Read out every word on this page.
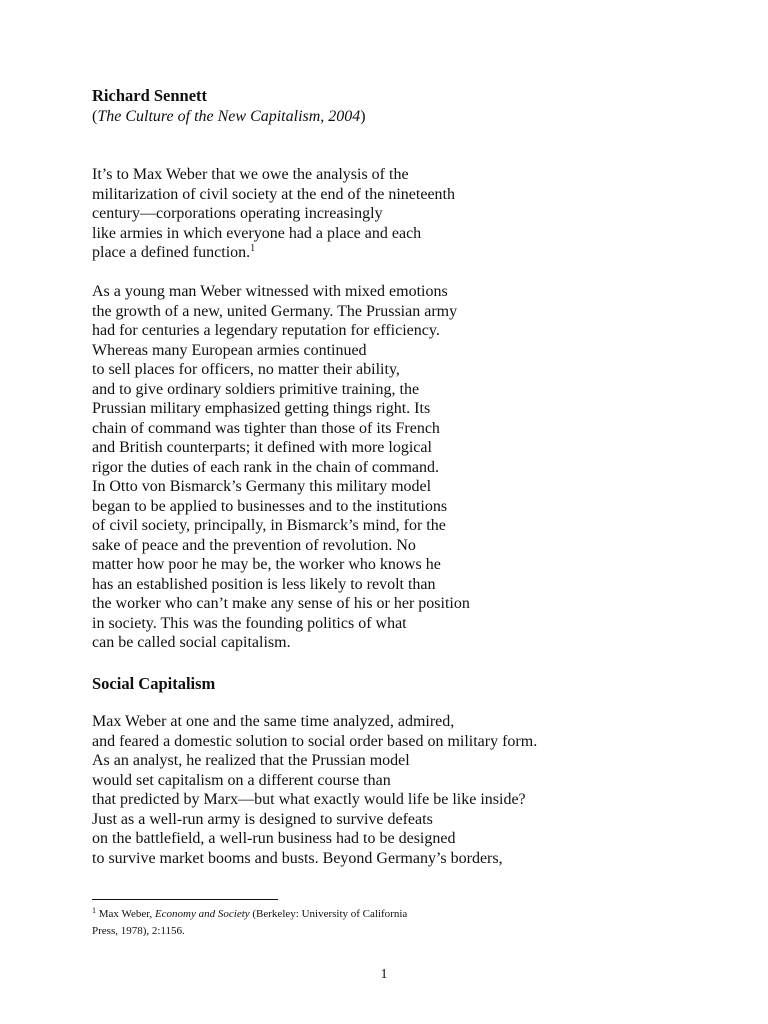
Richard Sennett

(The Culture of the New Capitalism, 2004)

It’s to Max Weber that we owe the analysis of the
militarization of civil society at the end of the nineteenth
century—corporations operating increasingly
like armies in which everyone had a place and each
place a defined function.$^1$
As a young man Weber witnessed with mixed emotions
the growth of a new, united Germany. The Prussian army
had for centuries a legendary reputation for efficiency.
Whereas many European armies continued
to sell places for officers, no matter their ability,
and to give ordinary soldiers primitive training, the
Prussian military emphasized getting things right. Its
chain of command was tighter than those of its French
and British counterparts; it defined with more logical
rigor the duties of each rank in the chain of command.
In Otto von Bismarck’s Germany this military model
began to be applied to businesses and to the institutions
of civil society, principally, in Bismarck’s mind, for the
sake of peace and the prevention of revolution. No
matter how poor he may be, the worker who knows he
has an established position is less likely to revolt than
the worker who can’t make any sense of his or her position
in society. This was the founding politics of what
can be called social capitalism.
Social Capitalism
Max Weber at one and the same time analyzed, admired,
and feared a domestic solution to social order based on military form.
As an analyst, he realized that the Prussian model
would set capitalism on a different course than
that predicted by Marx—but what exactly would life be like inside?
Just as a well-run army is designed to survive defeats
on the battlefield, a well-run business had to be designed
to survive market booms and busts. Beyond Germany’s borders,
$^1$ Max Weber, Economy and Society (Berkeley: University of California
Press, 1978), 2:1156.

1
